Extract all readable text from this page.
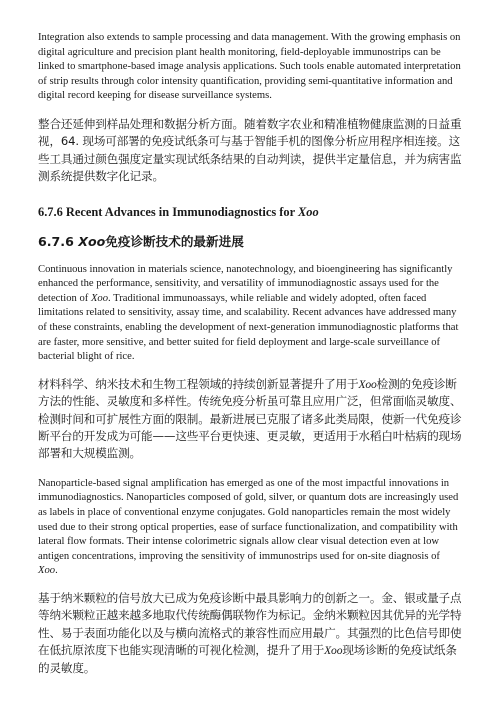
Integration also extends to sample processing and data management. With the growing emphasis on digital agriculture and precision plant health monitoring, field-deployable immunostrips can be linked to smartphone-based image analysis applications. Such tools enable automated interpretation of strip results through color intensity quantification, providing semi-quantitative information and digital record keeping for disease surveillance systems.

整合还延伸到样品处理和数据分析方面。随着数字农业和精准植物健康监测的日益重视，64. 现场可部署的免疫试纸条可与基于智能手机的图像分析应用程序相连接。这些工具通过颜色强度定量实现试纸条结果的自动判读，提供半定量信息，并为病害监测系统提供数字化记录。

6.7.6 Recent Advances in Immunodiagnostics for Xoo
6.7.6 Xoo免疫诊断技术的最新进展

Continuous innovation in materials science, nanotechnology, and bioengineering has significantly enhanced the performance, sensitivity, and versatility of immunodiagnostic assays used for the detection of Xoo. Traditional immunoassays, while reliable and widely adopted, often faced limitations related to sensitivity, assay time, and scalability. Recent advances have addressed many of these constraints, enabling the development of next-generation immunodiagnostic platforms that are faster, more sensitive, and better suited for field deployment and large-scale surveillance of bacterial blight of rice.

材料科学、纳米技术和生物工程领域的持续创新显著提升了用于Xoo检测的免疫诊断方法的性能、灵敏度和多样性。传统免疫分析虽可靠且应用广泛，但常面临灵敏度、检测时间和可扩展性方面的限制。最新进展已克服了诸多此类局限，使新一代免疫诊断平台的开发成为可能——这些平台更快速、更灵敏，更适用于水稻白叶枯病的现场部署和大规模监测。

Nanoparticle-based signal amplification has emerged as one of the most impactful innovations in immunodiagnostics. Nanoparticles composed of gold, silver, or quantum dots are increasingly used as labels in place of conventional enzyme conjugates. Gold nanoparticles remain the most widely used due to their strong optical properties, ease of surface functionalization, and compatibility with lateral flow formats. Their intense colorimetric signals allow clear visual detection even at low antigen concentrations, improving the sensitivity of immunostrips used for on-site diagnosis of Xoo.

基于纳米颗粒的信号放大已成为免疫诊断中最具影响力的创新之一。金、银或量子点等纳米颗粒正越来越多地取代传统酶偶联物作为标记。金纳米颗粒因其优异的光学特性、易于表面功能化以及与横向流格式的兼容性而应用最广。其强烈的比色信号即使在低抗原浓度下也能实现清晰的可视化检测，提升了用于Xoo现场诊断的免疫试纸条的灵敏度。
